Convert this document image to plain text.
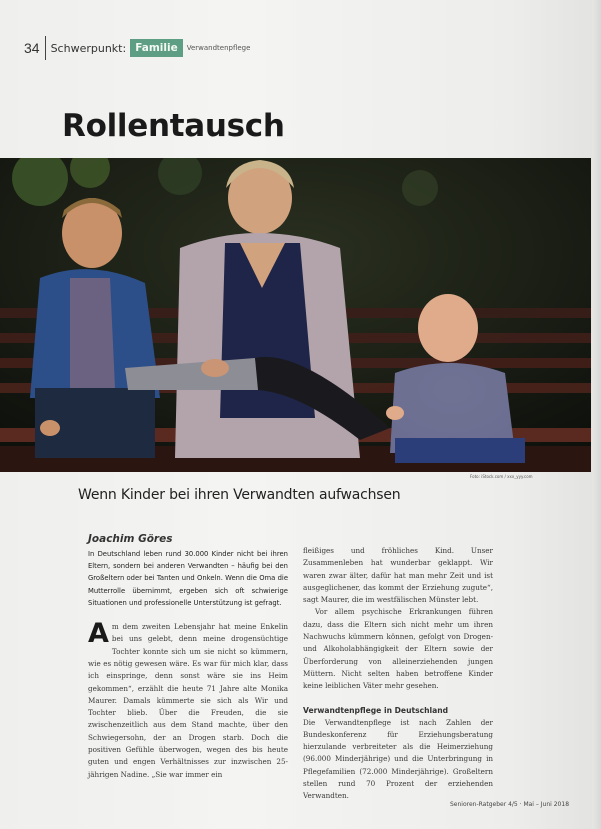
34	Schwerpunkt: Familie	Verwandtenpflege
Rollentausch
Foto: iStock.com / xxx_yyy.com
Wenn Kinder bei ihren Verwandten aufwachsen
Joachim Göres
In Deutschland leben rund 30.000 Kinder nicht bei ihren Eltern, sondern bei anderen Verwandten – häufig bei den Großeltern oder bei Tanten und Onkeln. Wenn die Oma die Mutterrolle übernimmt, ergeben sich oft schwierige Situationen und professionelle Unterstützung ist gefragt.

Am dem zweiten Lebensjahr hat meine Enkelin bei uns gelebt, denn meine drogensüchtige Tochter konnte sich um sie nicht so kümmern, wie es nötig gewesen wäre. Es war für mich klar, dass ich einspringe, denn sonst wäre sie ins Heim gekommen“, erzählt die heute 71 Jahre alte Monika Maurer. Damals kümmerte sie sich als Wir und Tochter blieb. Über die Freuden, die sie zwischenzeitlich aus dem Stand machte, über den Schwiegersohn, der an Drogen starb. Doch die positiven Gefühle überwogen, wegen des bis heute guten und engen Verhältnisses zur inzwischen 25-jährigen Nadine. „Sie war immer ein

fleißiges und fröhliches Kind. Unser Zusammenleben hat wunderbar geklappt. Wir waren zwar älter, dafür hat man mehr Zeit und ist ausgeglichener, das kommt der Erziehung zugute“, sagt Maurer, die im westfälischen Münster lebt.

Vor allem psychische Erkrankungen führen dazu, dass die Eltern sich nicht mehr um ihren Nachwuchs kümmern können, gefolgt von Drogen- und Alkoholabhängigkeit der Eltern sowie der Überforderung von alleinerziehenden jungen Müttern. Nicht selten haben betroffene Kinder keine leiblichen Väter mehr gesehen.

Verwandtenpflege in Deutschland

Die Verwandtenpflege ist nach Zahlen der Bundeskonferenz für Erziehungsberatung hierzulande verbreiteter als die Heimerziehung (96.000 Minderjährige) und die Unterbringung in Pflegefamilien (72.000 Minderjährige). Großeltern stellen rund 70 Prozent der erziehenden Verwandten.

Senioren-Ratgeber 4/5 · Mai – Juni 2018
